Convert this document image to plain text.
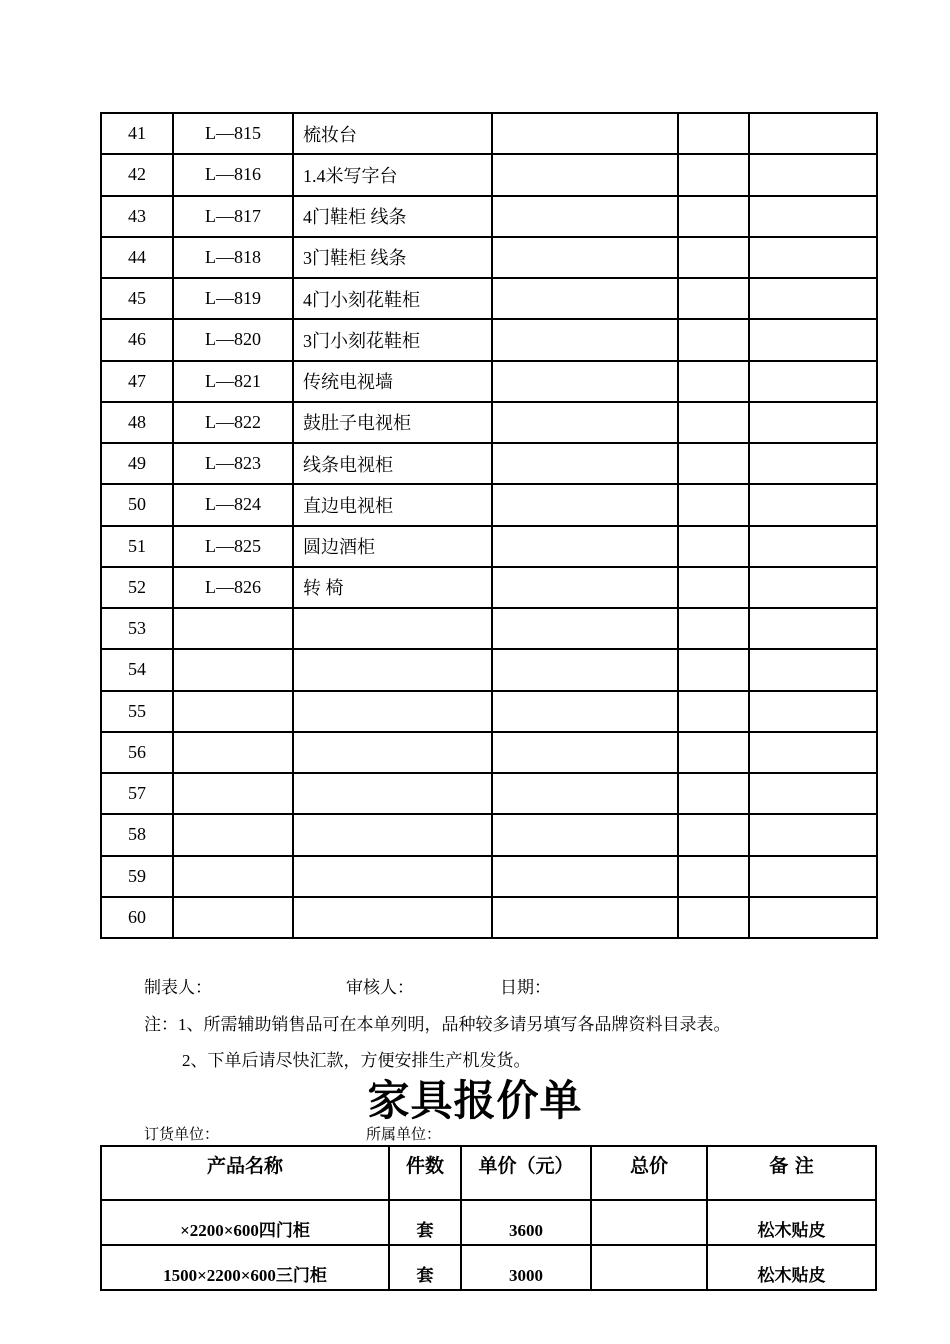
41	L—815	梳妆台			
42	L—816	1.4米写字台			
43	L—817	4门鞋柜 线条			
44	L—818	3门鞋柜 线条			
45	L—819	4门小刻花鞋柜			
46	L—820	3门小刻花鞋柜			
47	L—821	传统电视墙			
48	L—822	鼓肚子电视柜			
49	L—823	线条电视柜			
50	L—824	直边电视柜			
51	L—825	圆边酒柜			
52	L—826	转 椅			
53					
54					
55					
56					
57					
58					
59					
60					
制表人：	审核人：	日期：
注：1、所需辅助销售品可在本单列明，品种较多请另填写各品牌资料目录表。
2、下单后请尽快汇款，方便安排生产机发货。
家具报价单
订货单位：	所属单位：
产品名称	件数	单价（元）	总价	备 注
×2200×600四门柜	套	3600		松木贴皮
1500×2200×600三门柜	套	3000		松木贴皮
